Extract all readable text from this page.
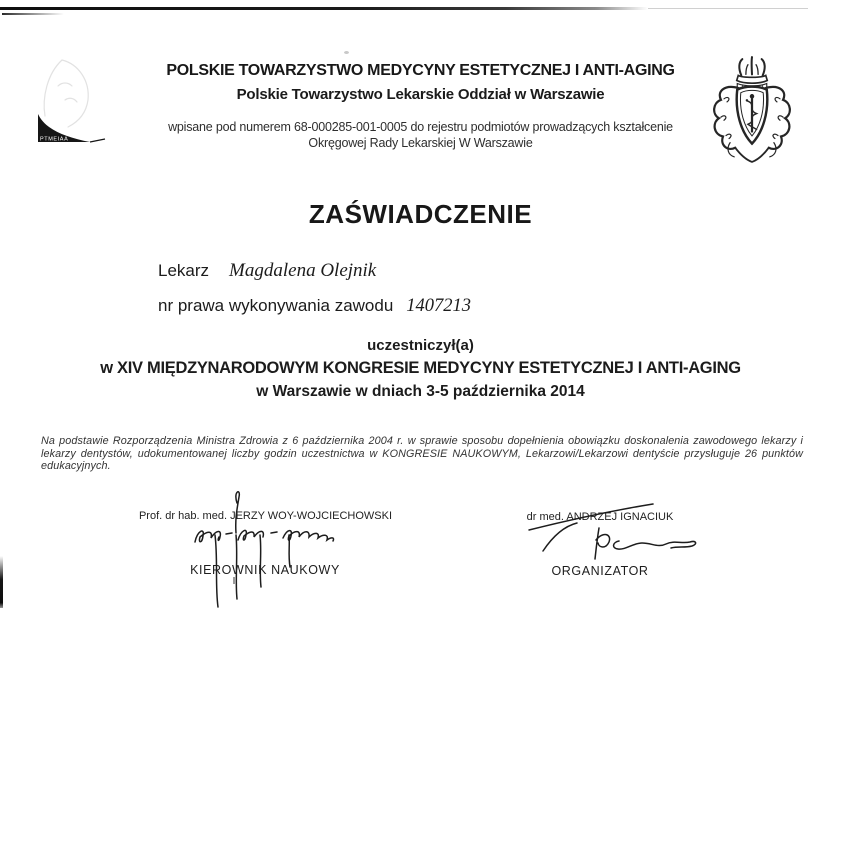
PTMEIAA
POLSKIE TOWARZYSTWO MEDYCYNY ESTETYCZNEJ I ANTI-AGING
Polskie Towarzystwo Lekarskie Oddział w Warszawie
wpisane pod numerem 68-000285-001-0005 do rejestru podmiotów prowadzących kształcenie
Okręgowej Rady Lekarskiej W Warszawie
ZAŚWIADCZENIE
Lekarz Magdalena Olejnik
nr prawa wykonywania zawodu 1407213
uczestniczył(a)
w XIV MIĘDZYNARODOWYM KONGRESIE MEDYCYNY ESTETYCZNEJ I ANTI-AGING
w Warszawie w dniach 3-5 października 2014
Na podstawie Rozporządzenia Ministra Zdrowia z 6 października 2004 r. w sprawie sposobu dopełnienia obowiązku doskonalenia zawodowego lekarzy i lekarzy dentystów, udokumentowanej liczby godzin uczestnictwa w KONGRESIE NAUKOWYM, Lekarzowi/Lekarzowi dentyście przysługuje 26 punktów edukacyjnych.
Prof. dr hab. med. JERZY WOY-WOJCIECHOWSKI
KIEROWNIK NAUKOWY
dr med. ANDRZEJ IGNACIUK
ORGANIZATOR
